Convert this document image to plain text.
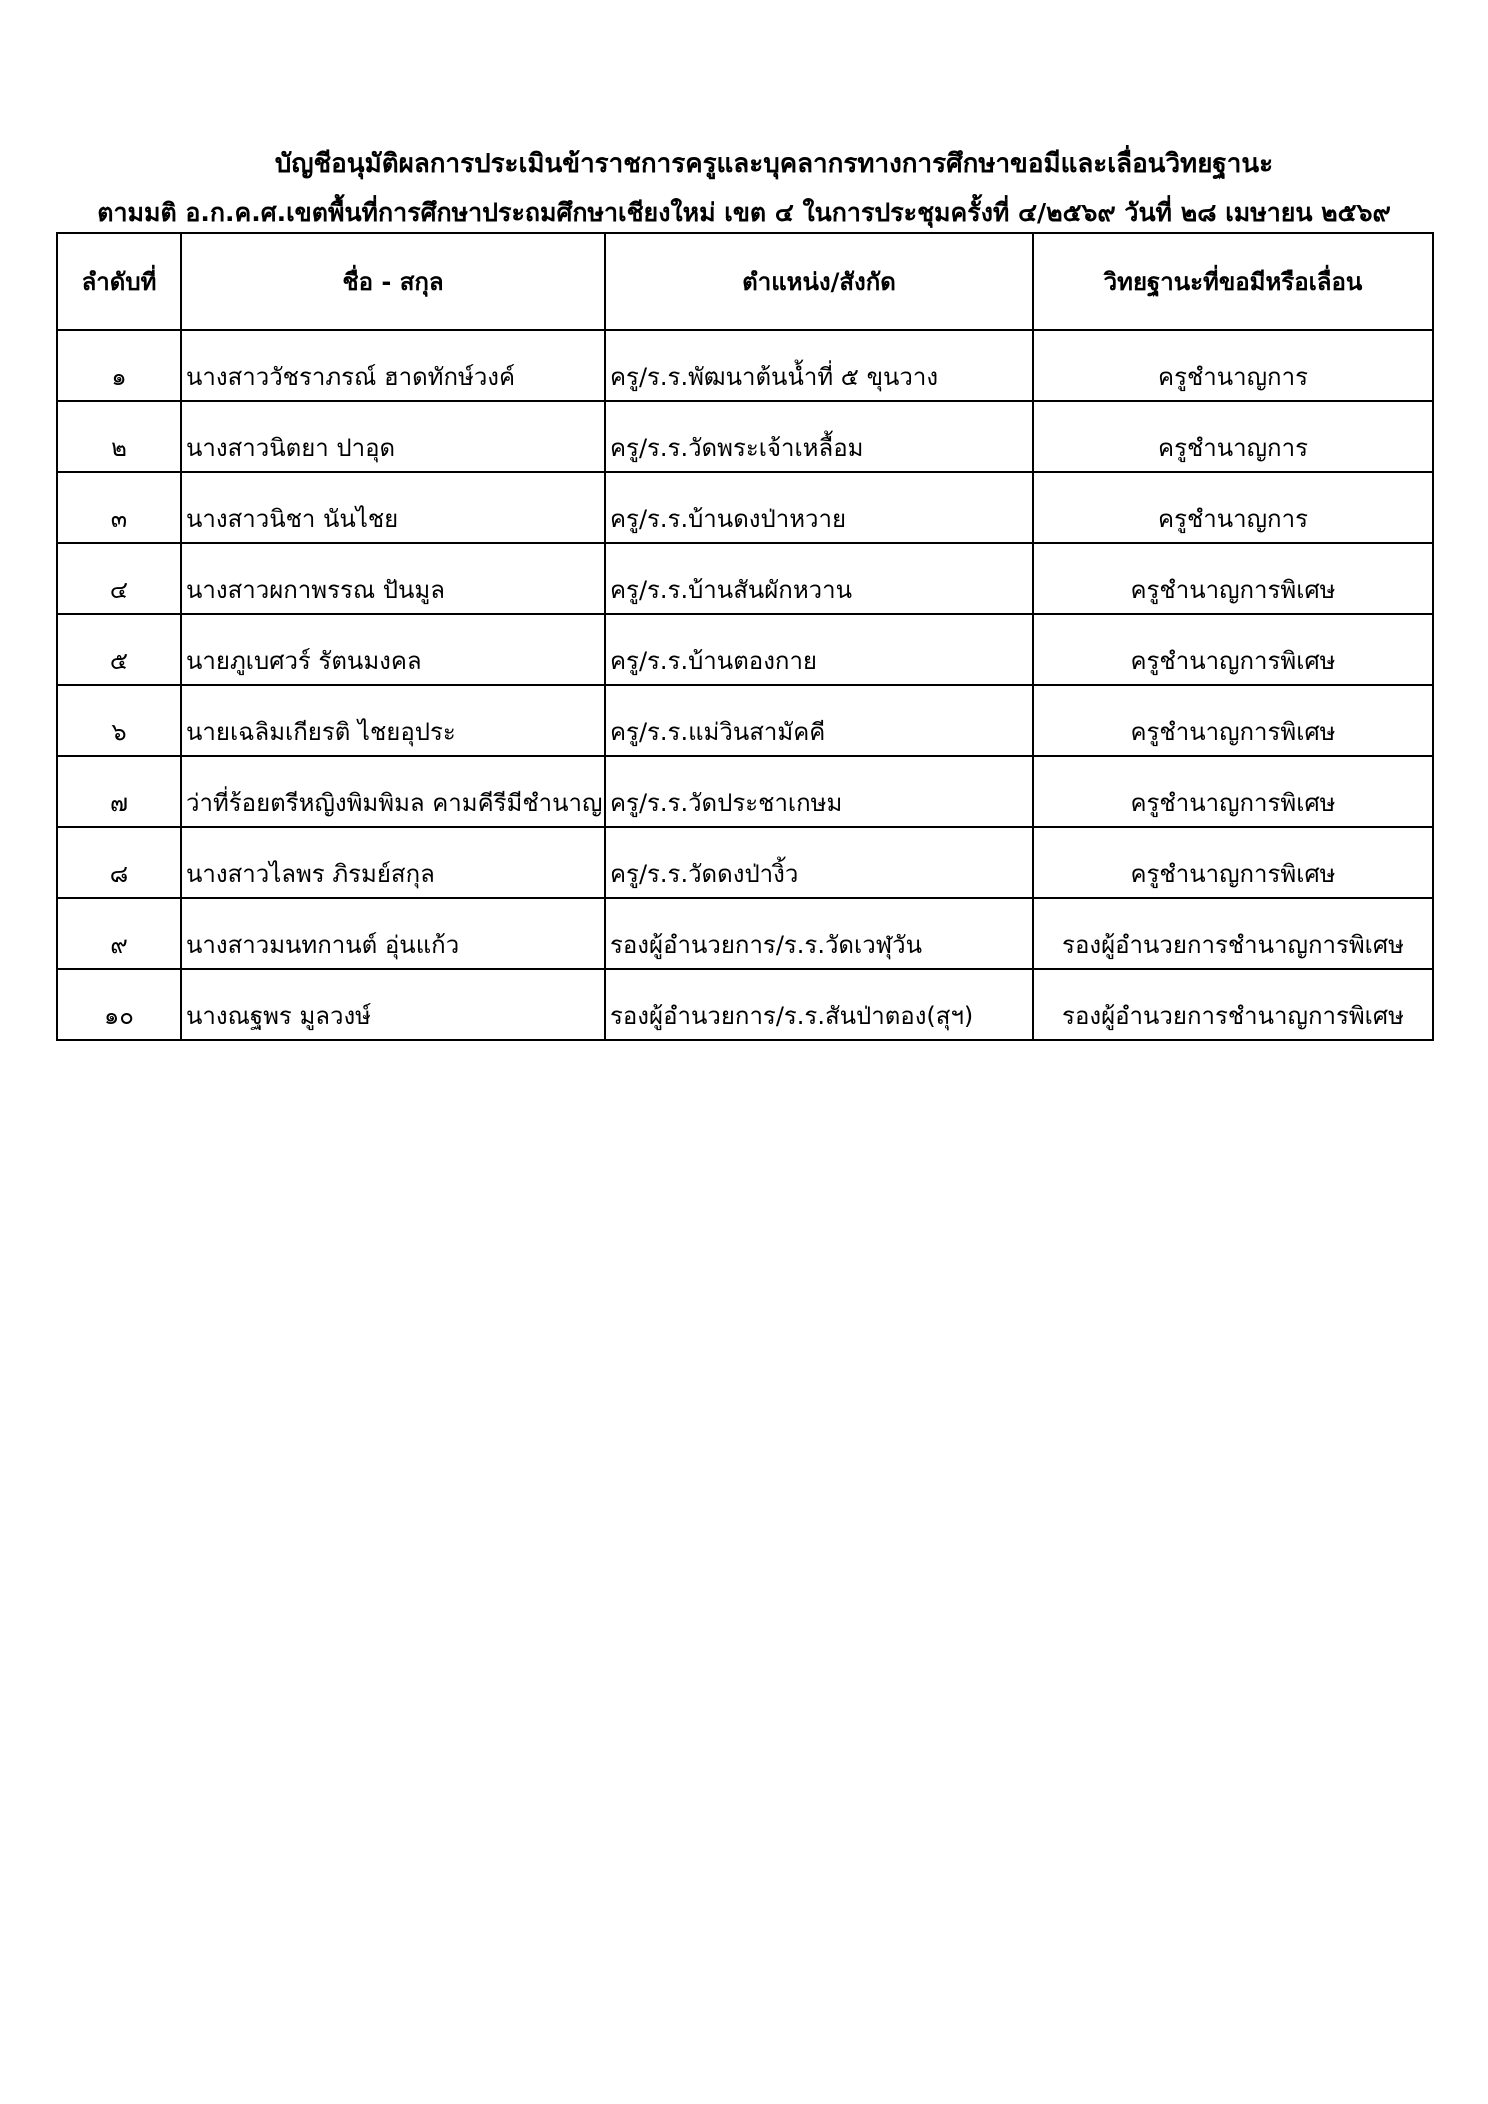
บัญชีอนุมัติผลการประเมินข้าราชการครูและบุคลากรทางการศึกษาขอมีและเลื่อนวิทยฐานะ
ตามมติ อ.ก.ค.ศ.เขตพื้นที่การศึกษาประถมศึกษาเชียงใหม่ เขต ๔ ในการประชุมครั้งที่ ๔/๒๕๖๙ วันที่ ๒๘ เมษายน ๒๕๖๙
ลำดับที่	ชื่อ - สกุล	ตำแหน่ง/สังกัด	วิทยฐานะที่ขอมีหรือเลื่อน
๑	นางสาววัชราภรณ์ ฮาดทักษ์วงค์	ครู/ร.ร.พัฒนาต้นน้ำที่ ๕ ขุนวาง	ครูชำนาญการ
๒	นางสาวนิตยา ปาอุด	ครู/ร.ร.วัดพระเจ้าเหลื้อม	ครูชำนาญการ
๓	นางสาวนิชา นันไชย	ครู/ร.ร.บ้านดงป่าหวาย	ครูชำนาญการ
๔	นางสาวผกาพรรณ ปันมูล	ครู/ร.ร.บ้านสันผักหวาน	ครูชำนาญการพิเศษ
๕	นายภูเบศวร์ รัตนมงคล	ครู/ร.ร.บ้านตองกาย	ครูชำนาญการพิเศษ
๖	นายเฉลิมเกียรติ ไชยอุประ	ครู/ร.ร.แม่วินสามัคคี	ครูชำนาญการพิเศษ
๗	ว่าที่ร้อยตรีหญิงพิมพิมล คามคีรีมีชำนาญ	ครู/ร.ร.วัดประชาเกษม	ครูชำนาญการพิเศษ
๘	นางสาวไลพร ภิรมย์สกุล	ครู/ร.ร.วัดดงป่างิ้ว	ครูชำนาญการพิเศษ
๙	นางสาวมนทกานต์ อุ่นแก้ว	รองผู้อำนวยการ/ร.ร.วัดเวฬุวัน	รองผู้อำนวยการชำนาญการพิเศษ
๑๐	นางณฐพร มูลวงษ์	รองผู้อำนวยการ/ร.ร.สันป่าตอง(สุฯ)	รองผู้อำนวยการชำนาญการพิเศษ
